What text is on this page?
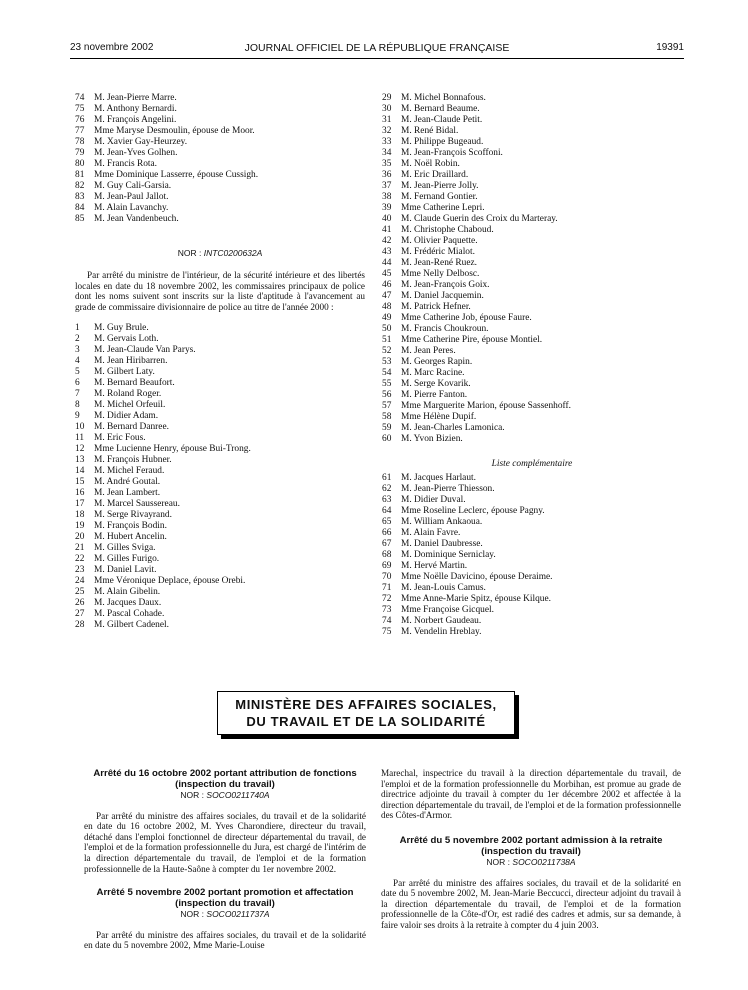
23 novembre 2002	JOURNAL OFFICIEL DE LA RÉPUBLIQUE FRANÇAISE	19391
74 M. Jean-Pierre Marre.
75 M. Anthony Bernardi.
76 M. François Angelini.
77 Mme Maryse Desmoulin, épouse de Moor.
78 M. Xavier Gay-Heurzey.
79 M. Jean-Yves Golhen.
80 M. Francis Rota.
81 Mme Dominique Lasserre, épouse Cussigh.
82 M. Guy Cali-Garsia.
83 M. Jean-Paul Jallot.
84 M. Alain Lavanchy.
85 M. Jean Vandenbeuch.

NOR : INTC0200632A

Par arrêté du ministre de l'intérieur, de la sécurité intérieure et des libertés locales en date du 18 novembre 2002, les commissaires principaux de police dont les noms suivent sont inscrits sur la liste d'aptitude à l'avancement au grade de commissaire divisionnaire de police au titre de l'année 2000 :

1 M. Guy Brule.
2 M. Gervais Loth.
3 M. Jean-Claude Van Parys.
4 M. Jean Hiribarren.
5 M. Gilbert Laty.
6 M. Bernard Beaufort.
7 M. Roland Roger.
8 M. Michel Orfeuil.
9 M. Didier Adam.
10 M. Bernard Danree.
11 M. Eric Fous.
12 Mme Lucienne Henry, épouse Bui-Trong.
13 M. François Hubner.
14 M. Michel Feraud.
15 M. André Goutal.
16 M. Jean Lambert.
17 M. Marcel Saussereau.
18 M. Serge Rivayrand.
19 M. François Bodin.
20 M. Hubert Ancelin.
21 M. Gilles Sviga.
22 M. Gilles Furigo.
23 M. Daniel Lavit.
24 Mme Véronique Deplace, épouse Orebi.
25 M. Alain Gibelin.
26 M. Jacques Daux.
27 M. Pascal Cohade.
28 M. Gilbert Cadenel.
29 M. Michel Bonnafous.
30 M. Bernard Beaume.
31 M. Jean-Claude Petit.
32 M. René Bidal.
33 M. Philippe Bugeaud.
34 M. Jean-François Scoffoni.
35 M. Noël Robin.
36 M. Eric Draillard.
37 M. Jean-Pierre Jolly.
38 M. Fernand Gontier.
39 Mme Catherine Lepri.
40 M. Claude Guerin des Croix du Marteray.
41 M. Christophe Chaboud.
42 M. Olivier Paquette.
43 M. Frédéric Mialot.
44 M. Jean-René Ruez.
45 Mme Nelly Delbosc.
46 M. Jean-François Goix.
47 M. Daniel Jacquemin.
48 M. Patrick Hefner.
49 Mme Catherine Job, épouse Faure.
50 M. Francis Choukroun.
51 Mme Catherine Pire, épouse Montiel.
52 M. Jean Peres.
53 M. Georges Rapin.
54 M. Marc Racine.
55 M. Serge Kovarik.
56 M. Pierre Fanton.
57 Mme Marguerite Marion, épouse Sassenhoff.
58 Mme Hélène Dupif.
59 M. Jean-Charles Lamonica.
60 M. Yvon Bizien.

Liste complémentaire

61 M. Jacques Harlaut.
62 M. Jean-Pierre Thiesson.
63 M. Didier Duval.
64 Mme Roseline Leclerc, épouse Pagny.
65 M. William Ankaoua.
66 M. Alain Favre.
67 M. Daniel Daubresse.
68 M. Dominique Serniclay.
69 M. Hervé Martin.
70 Mme Noëlle Davicino, épouse Deraime.
71 M. Jean-Louis Camus.
72 Mme Anne-Marie Spitz, épouse Kilque.
73 Mme Françoise Gicquel.
74 M. Norbert Gaudeau.
75 M. Vendelin Hreblay.
MINISTÈRE DES AFFAIRES SOCIALES,
DU TRAVAIL ET DE LA SOLIDARITÉ
Arrêté du 16 octobre 2002 portant attribution de fonctions (inspection du travail)

NOR : SOCO0211740A

Par arrêté du ministre des affaires sociales, du travail et de la solidarité en date du 16 octobre 2002, M. Yves Charondiere, directeur du travail, détaché dans l'emploi fonctionnel de directeur départemental du travail, de l'emploi et de la formation professionnelle du Jura, est chargé de l'intérim de la direction départementale du travail, de l'emploi et de la formation professionnelle de la Haute-Saône à compter du 1er novembre 2002.

Arrêté 5 novembre 2002 portant promotion et affectation (inspection du travail)

NOR : SOCO0211737A

Par arrêté du ministre des affaires sociales, du travail et de la solidarité en date du 5 novembre 2002, Mme Marie-Louise

Marechal, inspectrice du travail à la direction départementale du travail, de l'emploi et de la formation professionnelle du Morbihan, est promue au grade de directrice adjointe du travail à compter du 1er décembre 2002 et affectée à la direction départementale du travail, de l'emploi et de la formation professionnelle des Côtes-d'Armor.

Arrêté du 5 novembre 2002 portant admission à la retraite (inspection du travail)

NOR : SOCO0211738A

Par arrêté du ministre des affaires sociales, du travail et de la solidarité en date du 5 novembre 2002, M. Jean-Marie Beccucci, directeur adjoint du travail à la direction départementale du travail, de l'emploi et de la formation professionnelle de la Côte-d'Or, est radié des cadres et admis, sur sa demande, à faire valoir ses droits à la retraite à compter du 4 juin 2003.
